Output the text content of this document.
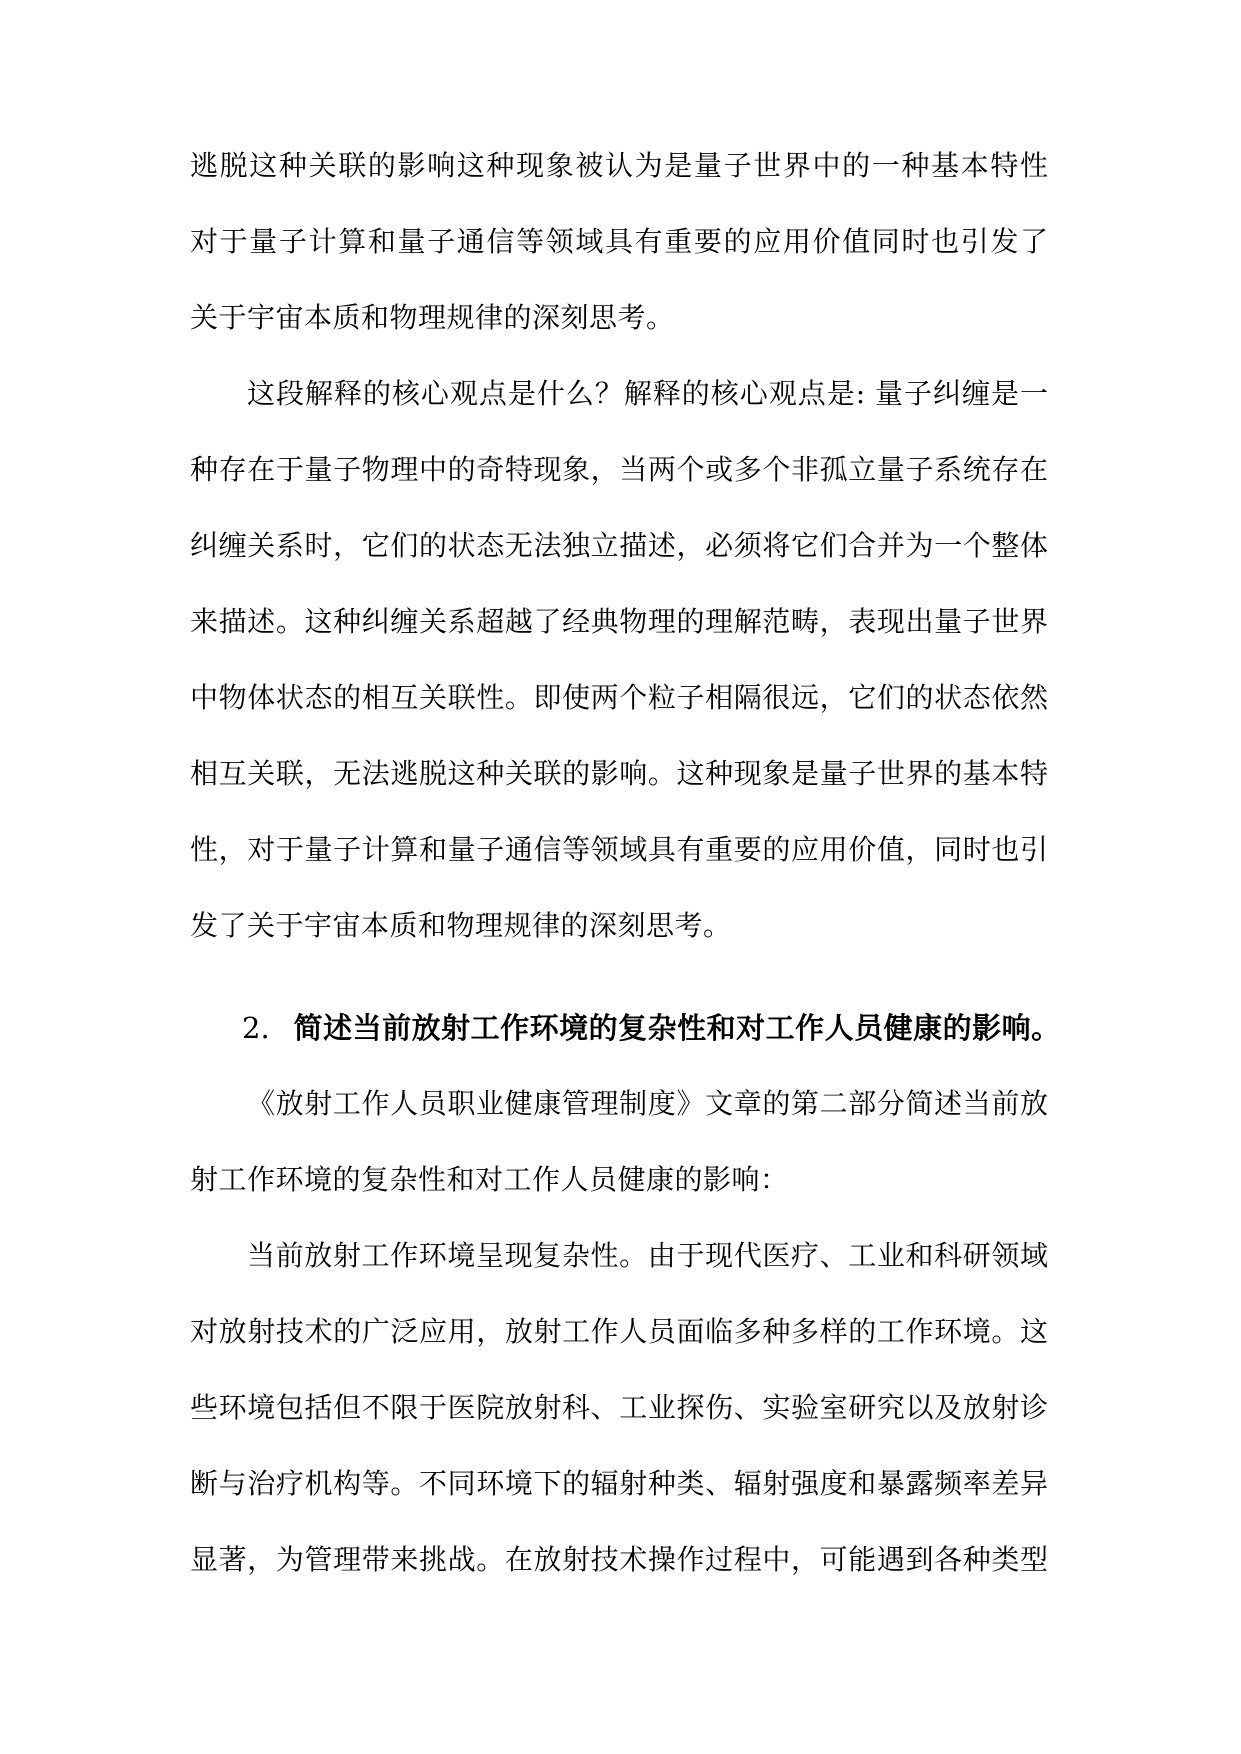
逃脱这种关联的影响这种现象被认为是量子世界中的一种基本特性
对于量子计算和量子通信等领域具有重要的应用价值同时也引发了
关于宇宙本质和物理规律的深刻思考。
这段解释的核心观点是什么？解释的核心观点是: 量子纠缠是一
种存在于量子物理中的奇特现象，当两个或多个非孤立量子系统存在
纠缠关系时，它们的状态无法独立描述，必须将它们合并为一个整体
来描述。这种纠缠关系超越了经典物理的理解范畴，表现出量子世界
中物体状态的相互关联性。即使两个粒子相隔很远，它们的状态依然
相互关联，无法逃脱这种关联的影响。这种现象是量子世界的基本特
性，对于量子计算和量子通信等领域具有重要的应用价值，同时也引
发了关于宇宙本质和物理规律的深刻思考。
2. 简述当前放射工作环境的复杂性和对工作人员健康的影响。
《放射工作人员职业健康管理制度》文章的第二部分简述当前放
射工作环境的复杂性和对工作人员健康的影响：
当前放射工作环境呈现复杂性。由于现代医疗、工业和科研领域
对放射技术的广泛应用，放射工作人员面临多种多样的工作环境。这
些环境包括但不限于医院放射科、工业探伤、实验室研究以及放射诊
断与治疗机构等。不同环境下的辐射种类、辐射强度和暴露频率差异
显著，为管理带来挑战。在放射技术操作过程中，可能遇到各种类型
